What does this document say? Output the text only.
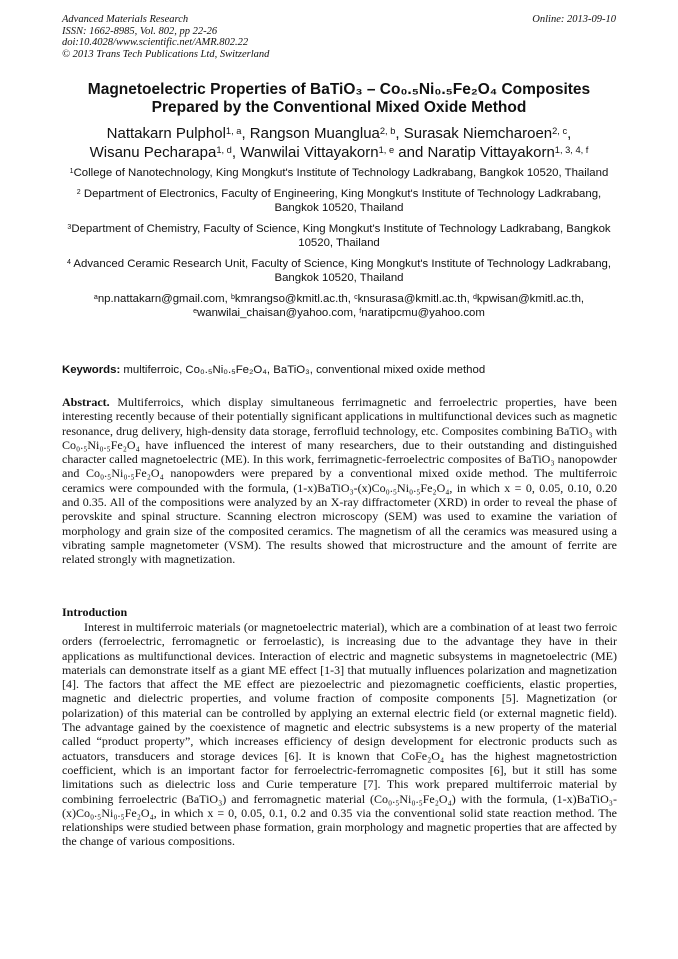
Advanced Materials Research
ISSN: 1662-8985, Vol. 802, pp 22-26
doi:10.4028/www.scientific.net/AMR.802.22
© 2013 Trans Tech Publications Ltd, Switzerland
Online: 2013-09-10
Magnetoelectric Properties of BaTiO₃ – Co₀.₅Ni₀.₅Fe₂O₄ Composites
Prepared by the Conventional Mixed Oxide Method
Nattakarn Pulphol$^{1, a}$, Rangson Muanglua$^{2, b}$, Surasak Niemcharoen$^{2, c}$,
Wisanu Pecharapa$^{1, d}$, Wanwilai Vittayakorn$^{1, e}$ and Naratip Vittayakorn$^{1, 3, 4, f}$
$^1$College of Nanotechnology, King Mongkut's Institute of Technology Ladkrabang, Bangkok 10520, Thailand
$^2$ Department of Electronics, Faculty of Engineering, King Mongkut's Institute of Technology Ladkrabang, Bangkok 10520, Thailand
$^3$Department of Chemistry, Faculty of Science, King Mongkut's Institute of Technology Ladkrabang, Bangkok 10520, Thailand
$^4$ Advanced Ceramic Research Unit, Faculty of Science, King Mongkut's Institute of Technology Ladkrabang, Bangkok 10520, Thailand
$^a$np.nattakarn@gmail.com, $^b$kmrangso@kmitl.ac.th, $^c$knsurasa@kmitl.ac.th, $^d$kpwisan@kmitl.ac.th,
$^e$wanwilai_chaisan@yahoo.com, $^f$naratipcmu@yahoo.com
Keywords: multiferroic, Co₀.₅Ni₀.₅Fe₂O₄, BaTiO₃, conventional mixed oxide method
Abstract. Multiferroics, which display simultaneous ferrimagnetic and ferroelectric properties, have been interesting recently because of their potentially significant applications in multifunctional devices such as magnetic resonance, drug delivery, high-density data storage, ferrofluid technology, etc. Composites combining BaTiO₃ with Co₀.₅Ni₀.₅Fe₂O₄ have influenced the interest of many researchers, due to their outstanding and distinguished character called magnetoelectric (ME). In this work, ferrimagnetic-ferroelectric composites of BaTiO₃ nanopowder and Co₀.₅Ni₀.₅Fe₂O₄ nanopowders were prepared by a conventional mixed oxide method. The multiferroic ceramics were compounded with the formula, (1-x)BaTiO₃-(x)Co₀.₅Ni₀.₅Fe₂O₄, in which x = 0, 0.05, 0.10, 0.20 and 0.35. All of the compositions were analyzed by an X-ray diffractometer (XRD) in order to reveal the phase of perovskite and spinal structure. Scanning electron microscopy (SEM) was used to examine the variation of morphology and grain size of the composited ceramics. The magnetism of all the ceramics was measured using a vibrating sample magnetometer (VSM). The results showed that microstructure and the amount of ferrite are related strongly with magnetization.
Introduction
Interest in multiferroic materials (or magnetoelectric material), which are a combination of at least two ferroic orders (ferroelectric, ferromagnetic or ferroelastic), is increasing due to the advantage they have in their applications as multifunctional devices. Interaction of electric and magnetic subsystems in magnetoelectric (ME) materials can demonstrate itself as a giant ME effect [1-3] that mutually influences polarization and magnetization [4]. The factors that affect the ME effect are piezoelectric and piezomagnetic coefficients, elastic properties, magnetic and dielectric properties, and volume fraction of composite components [5]. Magnetization (or polarization) of this material can be controlled by applying an external electric field (or external magnetic field). The advantage gained by the coexistence of magnetic and electric subsystems is a new property of the material called “product property”, which increases efficiency of design development for electronic products such as actuators, transducers and storage devices [6]. It is known that CoFe₂O₄ has the highest magnetostriction coefficient, which is an important factor for ferroelectric-ferromagnetic composites [6], but it still has some limitations such as dielectric loss and Curie temperature [7]. This work prepared multiferroic material by combining ferroelectric (BaTiO₃) and ferromagnetic material (Co₀.₅Ni₀.₅Fe₂O₄) with the formula, (1-x)BaTiO₃-(x)Co₀.₅Ni₀.₅Fe₂O₄, in which x = 0, 0.05, 0.1, 0.2 and 0.35 via the conventional solid state reaction method. The relationships were studied between phase formation, grain morphology and magnetic properties that are affected by the change of various compositions.
